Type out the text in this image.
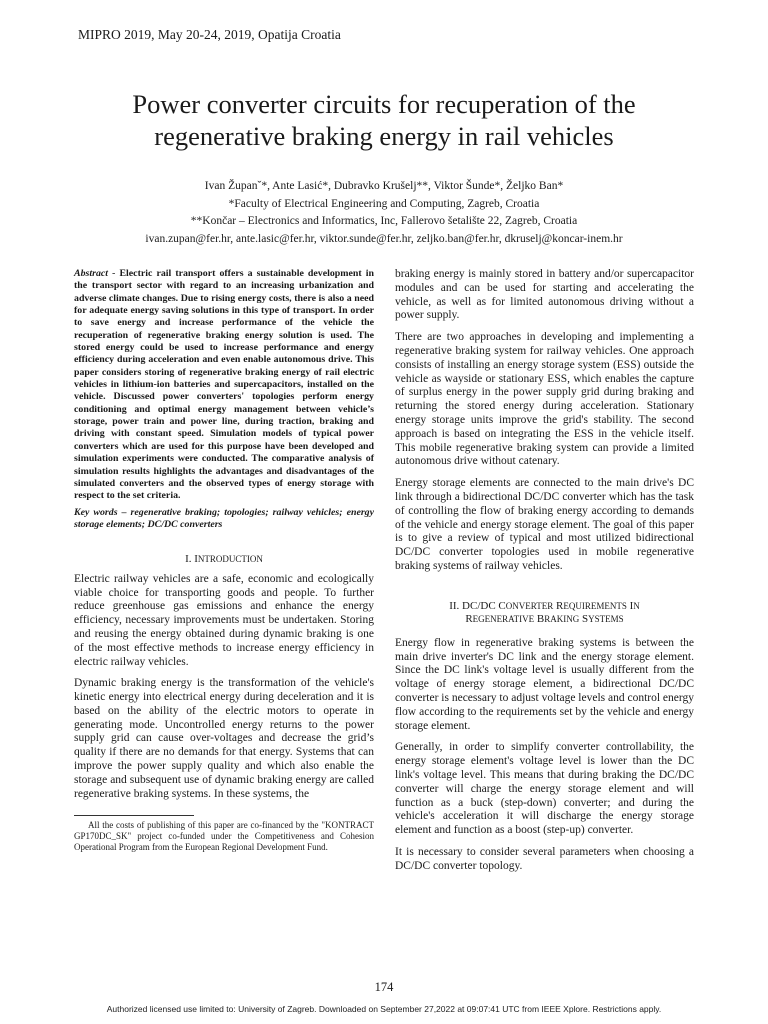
MIPRO 2019, May 20-24, 2019, Opatija Croatia
Power converter circuits for recuperation of the
regenerative braking energy in rail vehicles
Ivan Županˇ*, Ante Lasić*, Dubravko Krušelj**, Viktor Šunde*, Željko Ban*
*Faculty of Electrical Engineering and Computing, Zagreb, Croatia
**Končar – Electronics and Informatics, Inc, Fallerovo šetalište 22, Zagreb, Croatia
ivan.zupan@fer.hr, ante.lasic@fer.hr, viktor.sunde@fer.hr, zeljko.ban@fer.hr, dkruselj@koncar-inem.hr

Abstract - Electric rail transport offers a sustainable development in the transport sector with regard to an increasing urbanization and adverse climate changes. Due to rising energy costs, there is also a need for adequate energy saving solutions in this type of transport. In order to save energy and increase performance of the vehicle the recuperation of regenerative braking energy solution is used. The stored energy could be used to increase performance and energy efficiency during acceleration and even enable autonomous drive. This paper considers storing of regenerative braking energy of rail electric vehicles in lithium-ion batteries and supercapacitors, installed on the vehicle. Discussed power converters' topologies perform energy conditioning and optimal energy management between vehicle’s storage, power train and power line, during traction, braking and driving with constant speed. Simulation models of typical power converters which are used for this purpose have been developed and simulation experiments were conducted. The comparative analysis of simulation results highlights the advantages and disadvantages of the simulated converters and the observed types of energy storage with respect to the set criteria.

Key words – regenerative braking; topologies; railway vehicles; energy storage elements; DC/DC converters

I. INTRODUCTION

Electric railway vehicles are a safe, economic and ecologically viable choice for transporting goods and people. To further reduce greenhouse gas emissions and enhance the energy efficiency, necessary improvements must be undertaken. Storing and reusing the energy obtained during dynamic braking is one of the most effective methods to increase energy efficiency in electric railway vehicles.

Dynamic braking energy is the transformation of the vehicle's kinetic energy into electrical energy during deceleration and it is based on the ability of the electric motors to operate in generating mode. Uncontrolled energy returns to the power supply grid can cause over-voltages and decrease the grid’s quality if there are no demands for that energy. Systems that can improve the power supply quality and which also enable the storage and subsequent use of dynamic braking energy are called regenerative braking systems. In these systems, the

All the costs of publishing of this paper are co-financed by the "KONTRACT GP170DC_SK" project co-funded under the Competitiveness and Cohesion Operational Program from the European Regional Development Fund.

braking energy is mainly stored in battery and/or supercapacitor modules and can be used for starting and accelerating the vehicle, as well as for limited autonomous driving without a power supply.

There are two approaches in developing and implementing a regenerative braking system for railway vehicles. One approach consists of installing an energy storage system (ESS) outside the vehicle as wayside or stationary ESS, which enables the capture of surplus energy in the power supply grid during braking and returning the stored energy during acceleration. Stationary energy storage units improve the grid's stability. The second approach is based on integrating the ESS in the vehicle itself. This mobile regenerative braking system can provide a limited autonomous drive without catenary.

Energy storage elements are connected to the main drive's DC link through a bidirectional DC/DC converter which has the task of controlling the flow of braking energy according to demands of the vehicle and energy storage element. The goal of this paper is to give a review of typical and most utilized bidirectional DC/DC converter topologies used in mobile regenerative braking systems of railway vehicles.

II. DC/DC CONVERTER REQUIREMENTS IN
REGENERATIVE BRAKING SYSTEMS

Energy flow in regenerative braking systems is between the main drive inverter's DC link and the energy storage element. Since the DC link's voltage level is usually different from the voltage of energy storage element, a bidirectional DC/DC converter is necessary to adjust voltage levels and control energy flow according to the requirements set by the vehicle and energy storage element.

Generally, in order to simplify converter controllability, the energy storage element's voltage level is lower than the DC link's voltage level. This means that during braking the DC/DC converter will charge the energy storage element and will function as a buck (step-down) converter; and during the vehicle's acceleration it will discharge the energy storage element and function as a boost (step-up) converter.

It is necessary to consider several parameters when choosing a DC/DC converter topology.

174
Authorized licensed use limited to: University of Zagreb. Downloaded on September 27,2022 at 09:07:41 UTC from IEEE Xplore. Restrictions apply.
